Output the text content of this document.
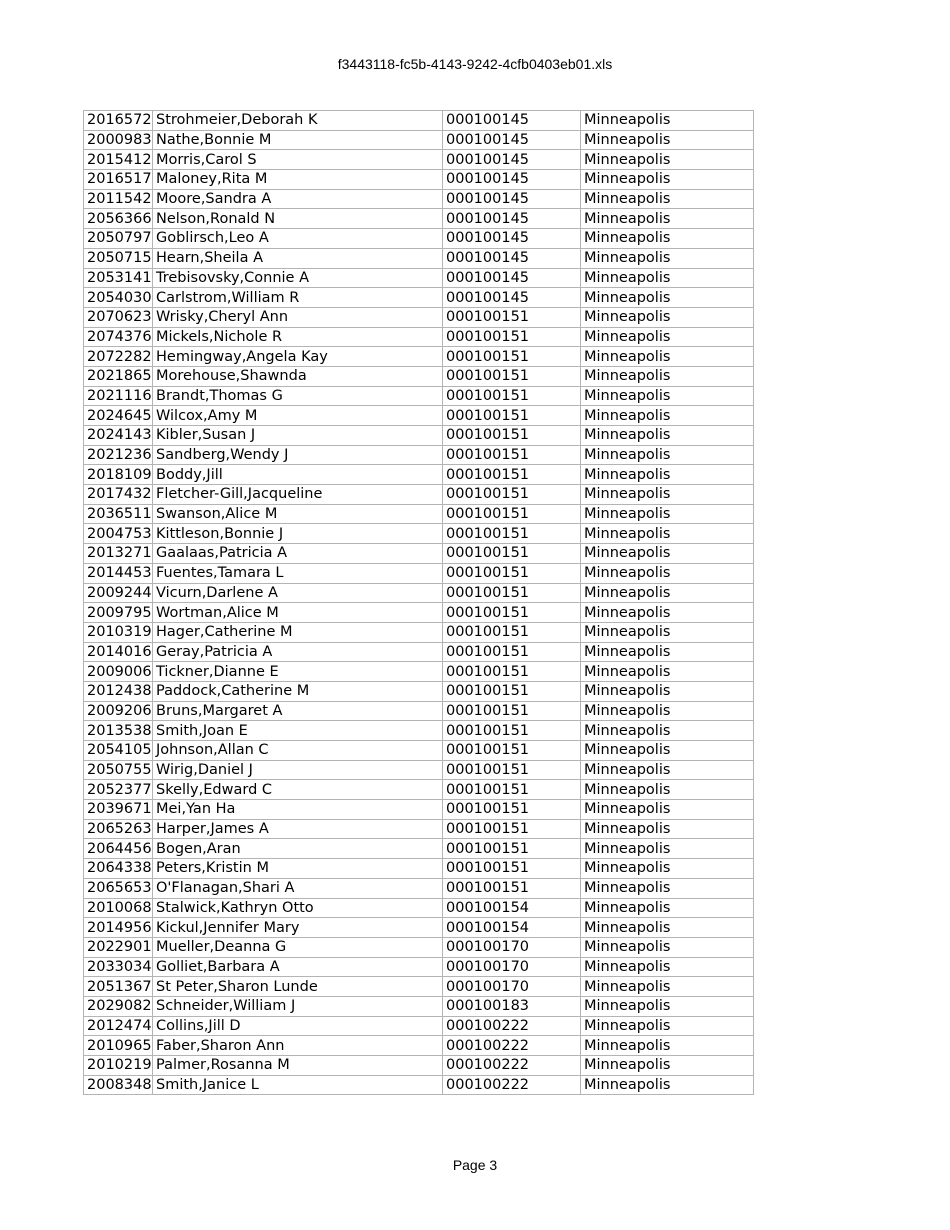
f3443118-fc5b-4143-9242-4cfb0403eb01.xls
2016572	Strohmeier,Deborah K	000100145	Minneapolis
2000983	Nathe,Bonnie M	000100145	Minneapolis
2015412	Morris,Carol S	000100145	Minneapolis
2016517	Maloney,Rita M	000100145	Minneapolis
2011542	Moore,Sandra A	000100145	Minneapolis
2056366	Nelson,Ronald N	000100145	Minneapolis
2050797	Goblirsch,Leo A	000100145	Minneapolis
2050715	Hearn,Sheila A	000100145	Minneapolis
2053141	Trebisovsky,Connie A	000100145	Minneapolis
2054030	Carlstrom,William R	000100145	Minneapolis
2070623	Wrisky,Cheryl Ann	000100151	Minneapolis
2074376	Mickels,Nichole R	000100151	Minneapolis
2072282	Hemingway,Angela Kay	000100151	Minneapolis
2021865	Morehouse,Shawnda	000100151	Minneapolis
2021116	Brandt,Thomas G	000100151	Minneapolis
2024645	Wilcox,Amy M	000100151	Minneapolis
2024143	Kibler,Susan J	000100151	Minneapolis
2021236	Sandberg,Wendy J	000100151	Minneapolis
2018109	Boddy,Jill	000100151	Minneapolis
2017432	Fletcher-Gill,Jacqueline	000100151	Minneapolis
2036511	Swanson,Alice M	000100151	Minneapolis
2004753	Kittleson,Bonnie J	000100151	Minneapolis
2013271	Gaalaas,Patricia A	000100151	Minneapolis
2014453	Fuentes,Tamara L	000100151	Minneapolis
2009244	Vicurn,Darlene A	000100151	Minneapolis
2009795	Wortman,Alice M	000100151	Minneapolis
2010319	Hager,Catherine M	000100151	Minneapolis
2014016	Geray,Patricia A	000100151	Minneapolis
2009006	Tickner,Dianne E	000100151	Minneapolis
2012438	Paddock,Catherine M	000100151	Minneapolis
2009206	Bruns,Margaret A	000100151	Minneapolis
2013538	Smith,Joan E	000100151	Minneapolis
2054105	Johnson,Allan C	000100151	Minneapolis
2050755	Wirig,Daniel J	000100151	Minneapolis
2052377	Skelly,Edward C	000100151	Minneapolis
2039671	Mei,Yan Ha	000100151	Minneapolis
2065263	Harper,James A	000100151	Minneapolis
2064456	Bogen,Aran	000100151	Minneapolis
2064338	Peters,Kristin M	000100151	Minneapolis
2065653	O'Flanagan,Shari A	000100151	Minneapolis
2010068	Stalwick,Kathryn Otto	000100154	Minneapolis
2014956	Kickul,Jennifer Mary	000100154	Minneapolis
2022901	Mueller,Deanna G	000100170	Minneapolis
2033034	Golliet,Barbara A	000100170	Minneapolis
2051367	St Peter,Sharon Lunde	000100170	Minneapolis
2029082	Schneider,William J	000100183	Minneapolis
2012474	Collins,Jill D	000100222	Minneapolis
2010965	Faber,Sharon Ann	000100222	Minneapolis
2010219	Palmer,Rosanna M	000100222	Minneapolis
2008348	Smith,Janice L	000100222	Minneapolis
Page 3
